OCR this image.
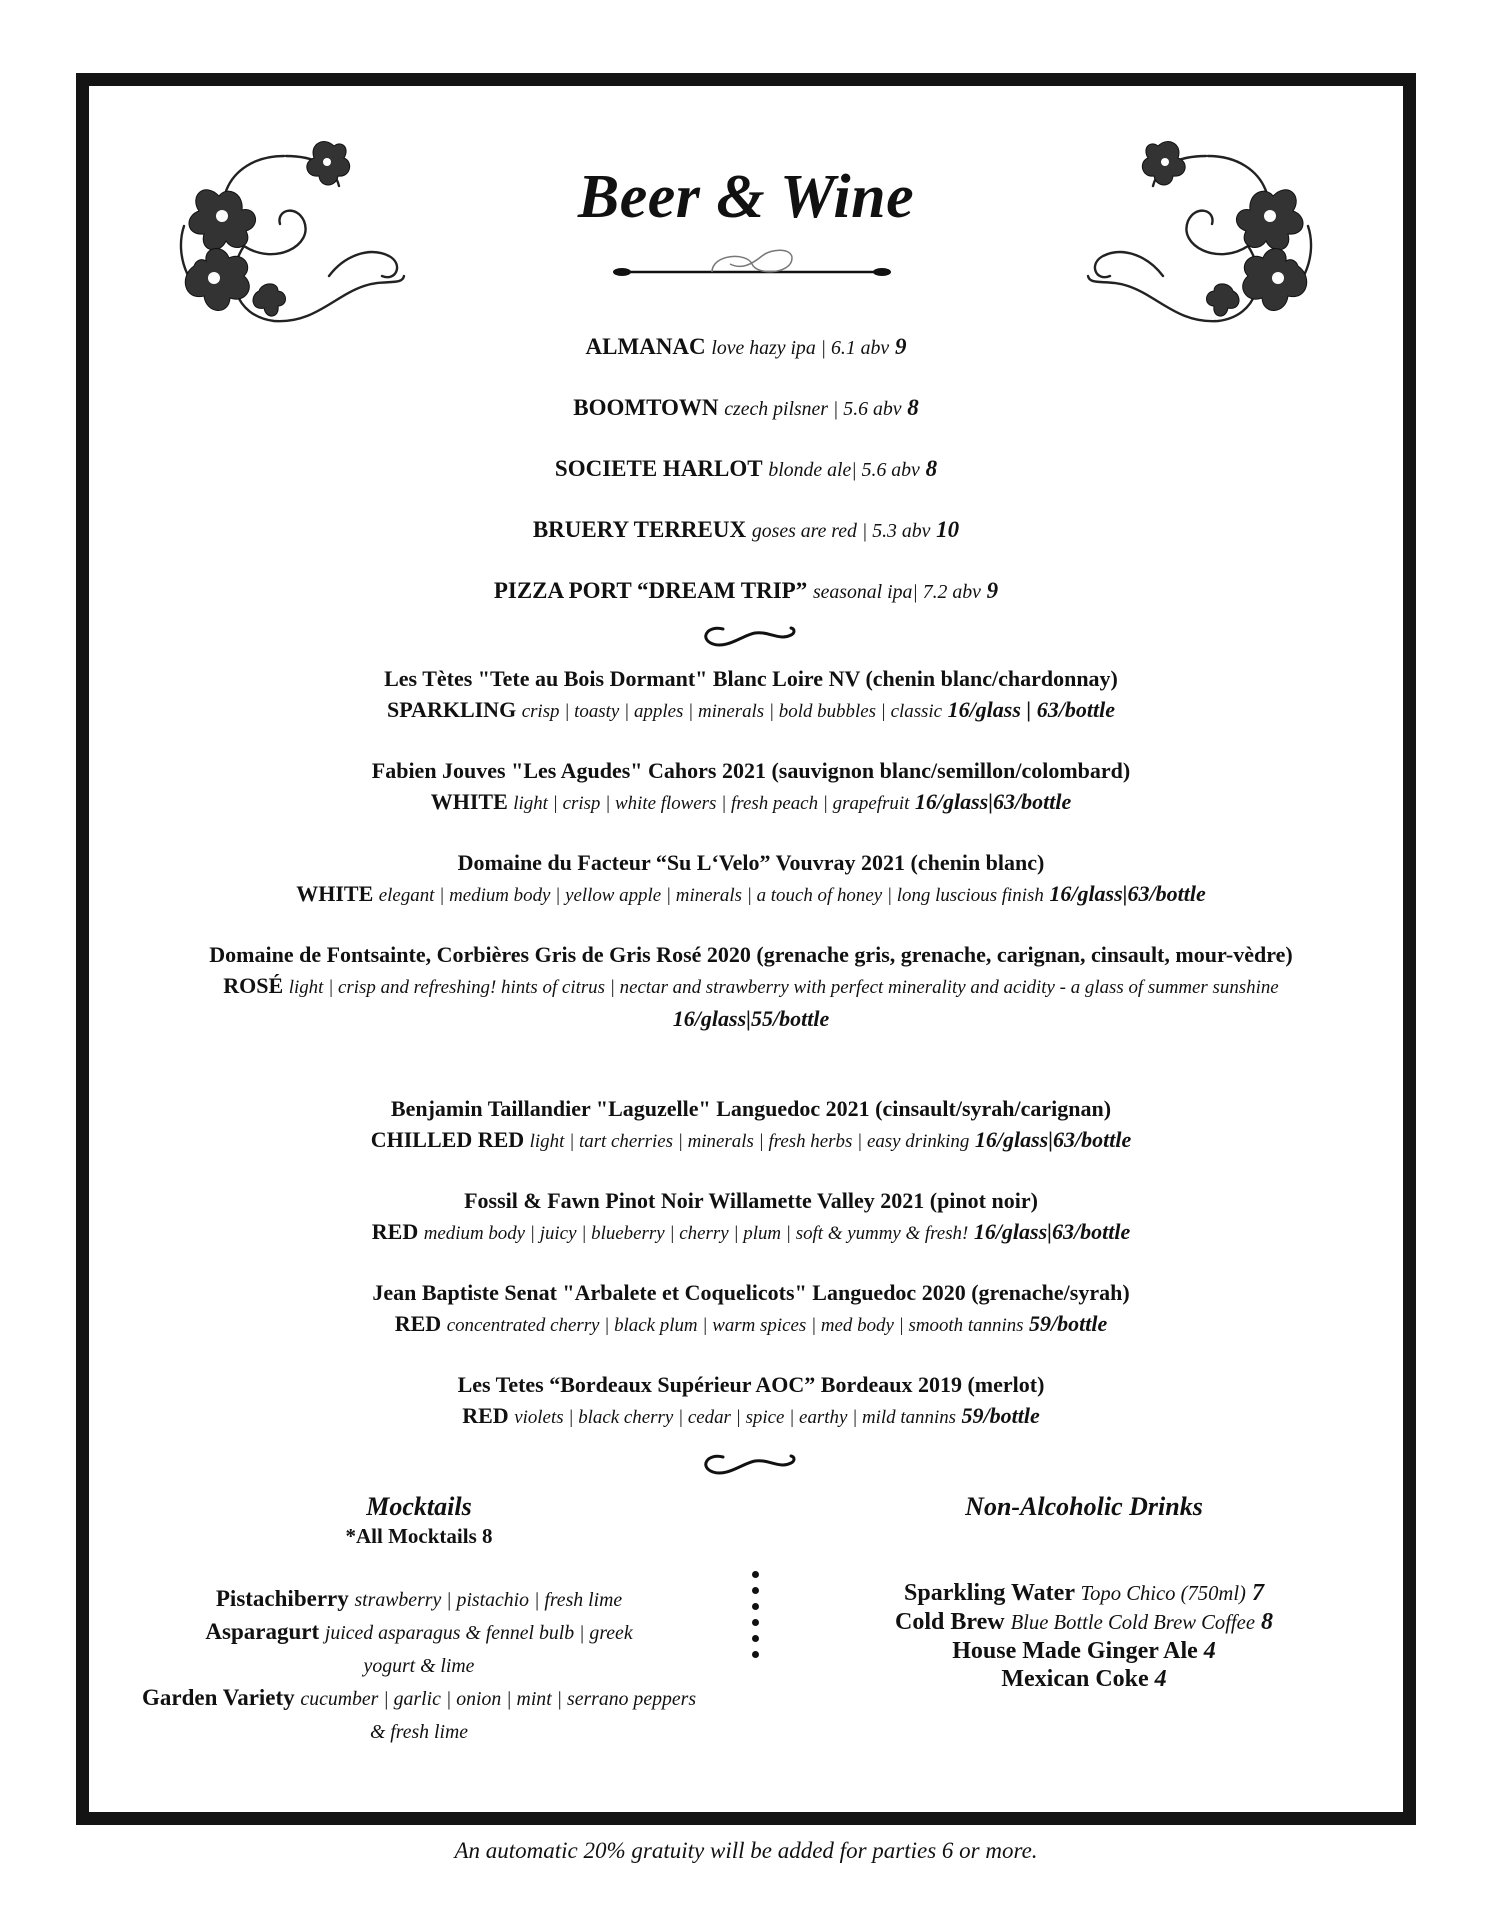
Beer & Wine
ALMANAC love hazy ipa | 6.1 abv 9
BOOMTOWN czech pilsner | 5.6 abv 8
SOCIETE HARLOT blonde ale| 5.6 abv 8
BRUERY TERREUX goses are red | 5.3 abv 10
PIZZA PORT “DREAM TRIP” seasonal ipa| 7.2 abv 9
Les Tètes "Tete au Bois Dormant" Blanc Loire NV (chenin blanc/chardonnay)
SPARKLING crisp | toasty | apples | minerals | bold bubbles | classic 16/glass | 63/bottle
Fabien Jouves "Les Agudes" Cahors 2021 (sauvignon blanc/semillon/colombard)
WHITE light | crisp | white flowers | fresh peach | grapefruit 16/glass|63/bottle
Domaine du Facteur “Su L‘Velo” Vouvray 2021 (chenin blanc)
WHITE elegant | medium body | yellow apple | minerals | a touch of honey | long luscious finish 16/glass|63/bottle
Domaine de Fontsainte, Corbières Gris de Gris Rosé 2020 (grenache gris, grenache, carignan, cinsault, mour-vèdre)
ROSÉ light | crisp and refreshing! hints of citrus | nectar and strawberry with perfect minerality and acidity - a glass of summer sunshine 16/glass|55/bottle
Benjamin Taillandier "Laguzelle" Languedoc 2021 (cinsault/syrah/carignan)
CHILLED RED light | tart cherries | minerals | fresh herbs | easy drinking 16/glass|63/bottle
Fossil & Fawn Pinot Noir Willamette Valley 2021 (pinot noir)
RED medium body | juicy | blueberry | cherry | plum | soft & yummy & fresh! 16/glass|63/bottle
Jean Baptiste Senat "Arbalete et Coquelicots" Languedoc 2020 (grenache/syrah)
RED concentrated cherry | black plum | warm spices | med body | smooth tannins 59/bottle
Les Tetes “Bordeaux Supérieur AOC” Bordeaux 2019 (merlot)
RED violets | black cherry | cedar | spice | earthy | mild tannins 59/bottle
Mocktails
*All Mocktails 8
Pistachiberry strawberry | pistachio | fresh lime
Asparagurt juiced asparagus & fennel bulb | greek yogurt & lime
Garden Variety cucumber | garlic | onion | mint | serrano peppers & fresh lime
Non-Alcoholic Drinks
Sparkling Water Topo Chico (750ml) 7
Cold Brew Blue Bottle Cold Brew Coffee 8
House Made Ginger Ale 4
Mexican Coke 4
An automatic 20% gratuity will be added for parties 6 or more.
